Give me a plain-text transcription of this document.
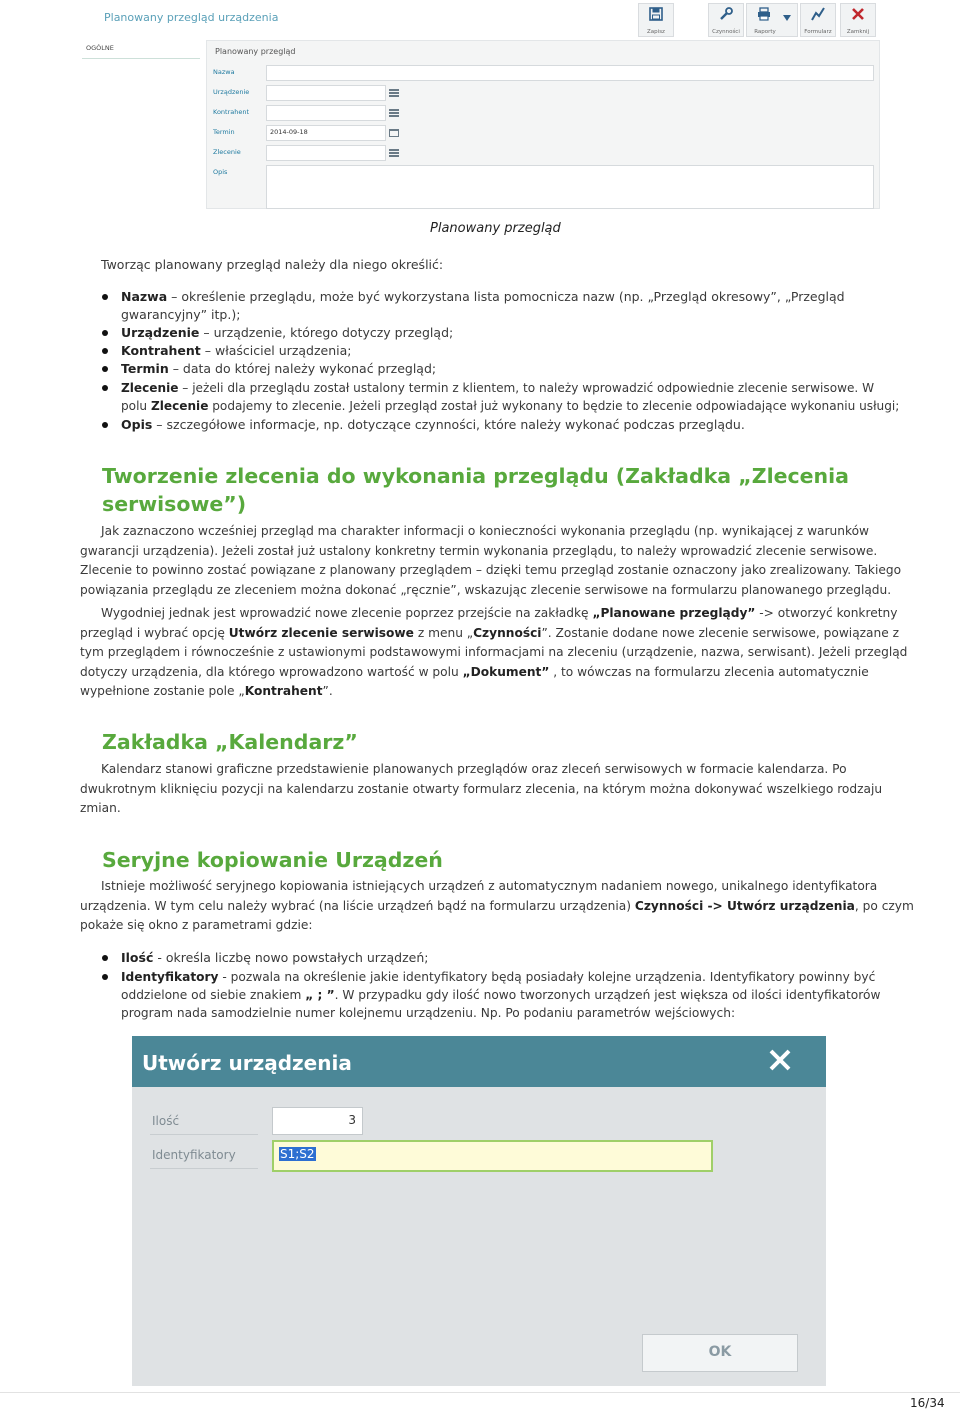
Planowany przegląd urządzenia
Zapisz	Czynności	Raporty	Formularz	Zamknij
OGÓLNE	Planowany przegląd
Nazwa
Urządzenie
Kontrahent
Termin	2014-09-18
Zlecenie
Opis
Planowany przegląd
Tworząc planowany przegląd należy dla niego określić:
Nazwa – określenie przeglądu, może być wykorzystana lista pomocnicza nazw (np. „Przegląd okresowy”, „Przegląd
gwarancyjny” itp.);
Urządzenie – urządzenie, którego dotyczy przegląd;
Kontrahent – właściciel urządzenia;
Termin – data do której należy wykonać przegląd;
Zlecenie – jeżeli dla przeglądu został ustalony termin z klientem, to należy wprowadzić odpowiednie zlecenie serwisowe. W
polu Zlecenie podajemy to zlecenie. Jeżeli przegląd został już wykonany to będzie to zlecenie odpowiadające wykonaniu usługi;
Opis – szczegółowe informacje, np. dotyczące czynności, które należy wykonać podczas przeglądu.
Tworzenie zlecenia do wykonania przeglądu (Zakładka „Zlecenia
serwisowe”)
Jak zaznaczono wcześniej przegląd ma charakter informacji o konieczności wykonania przeglądu (np. wynikającej z warunków
gwarancji urządzenia). Jeżeli został już ustalony konkretny termin wykonania przeglądu, to należy wprowadzić zlecenie serwisowe.
Zlecenie to powinno zostać powiązane z planowany przeglądem – dzięki temu przegląd zostanie oznaczony jako zrealizowany. Takiego
powiązania przeglądu ze zleceniem można dokonać „ręcznie”, wskazując zlecenie serwisowe na formularzu planowanego przeglądu.
Wygodniej jednak jest wprowadzić nowe zlecenie poprzez przejście na zakładkę „Planowane przeglądy” -> otworzyć konkretny
przegląd i wybrać opcję Utwórz zlecenie serwisowe z menu „Czynności”. Zostanie dodane nowe zlecenie serwisowe, powiązane z
tym przeglądem i równocześnie z ustawionymi podstawowymi informacjami na zleceniu (urządzenie, nazwa, serwisant). Jeżeli przegląd
dotyczy urządzenia, dla którego wprowadzono wartość w polu „Dokument” , to wówczas na formularzu zlecenia automatycznie
wypełnione zostanie pole „Kontrahent”.
Zakładka „Kalendarz”
Kalendarz stanowi graficzne przedstawienie planowanych przeglądów oraz zleceń serwisowych w formacie kalendarza. Po
dwukrotnym kliknięciu pozycji na kalendarzu zostanie otwarty formularz zlecenia, na którym można dokonywać wszelkiego rodzaju
zmian.
Seryjne kopiowanie Urządzeń
Istnieje możliwość seryjnego kopiowania istniejących urządzeń z automatycznym nadaniem nowego, unikalnego identyfikatora
urządzenia. W tym celu należy wybrać (na liście urządzeń bądź na formularzu urządzenia) Czynności -> Utwórz urządzenia, po czym
pokaże się okno z parametrami gdzie:
Ilość - określa liczbę nowo powstałych urządzeń;
Identyfikatory - pozwala na określenie jakie identyfikatory będą posiadały kolejne urządzenia. Identyfikatory powinny być
oddzielone od siebie znakiem „ ; ”. W przypadku gdy ilość nowo tworzonych urządzeń jest większa od ilości identyfikatorów
program nada samodzielnie numer kolejnemu urządzeniu. Np. Po podaniu parametrów wejściowych:
Utwórz urządzenia
Ilość	3
Identyfikatory	S1;S2
OK
16/34
